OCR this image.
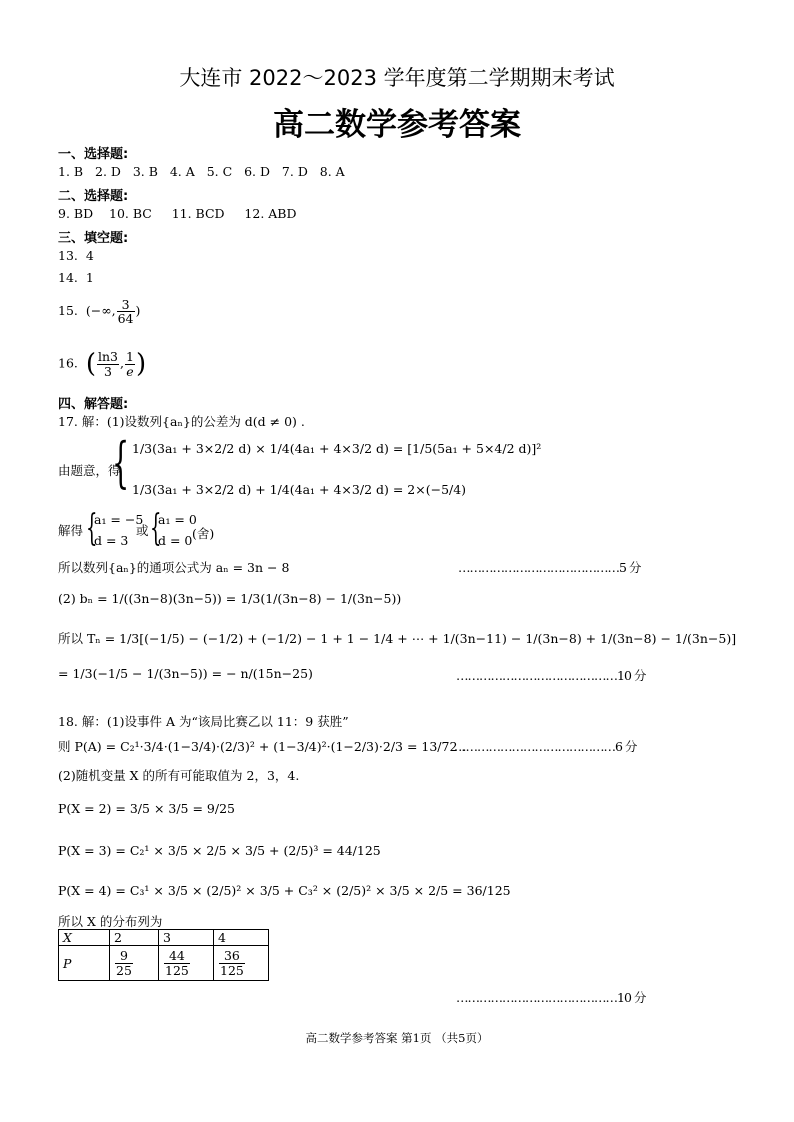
大连市 2022～2023 学年度第二学期期末考试
高二数学参考答案
一、选择题:
1. B   2. D   3. B   4. A   5. C   6. D   7. D   8. A
二、选择题:
9. BD    10. BC     11. BCD     12. ABD
三、填空题:
13.  4
14.  1
15. (−∞, $\frac{3}{64}$ )
16. ( $\frac{\ln 3}{3}$ , $\frac{1}{e}$ )
四、解答题:
17. 解：(1)设数列{aₙ}的公差为 d(d ≠ 0) .
由题意，得
{ 1/3(3a₁ + 3×2/2 d) × 1/4(4a₁ + 4×3/2 d) = [1/5(5a₁ + 5×4/2 d)]²
1/3(3a₁ + 3×2/2 d) + 1/4(4a₁ + 4×3/2 d) = 2×(−5/4)
解得 {
a₁ = −5
d = 3
或 {
a₁ = 0
d = 0 (舍)
所以数列{aₙ}的通项公式为 aₙ = 3n − 8	……………………………………5 分
(2) bₙ = 1/((3n−8)(3n−5)) = 1/3(1/(3n−8) − 1/(3n−5))
所以 Tₙ = 1/3[(−1/5) − (−1/2) + (−1/2) − 1 + 1 − 1/4 + ⋯ + 1/(3n−11) − 1/(3n−8) + 1/(3n−8) − 1/(3n−5)]
= 1/3(−1/5 − 1/(3n−5)) = − n/(15n−25)	……………………………………10 分
18. 解：(1)设事件 A 为“该局比赛乙以 11：9 获胜”
则 P(A) = C₂¹·3/4·(1−3/4)·(2/3)² + (1−3/4)²·(1−2/3)·2/3 = 13/72 .
……………………………………6 分
(2)随机变量 X 的所有可能取值为 2，3，4.
P(X = 2) = 3/5 × 3/5 = 9/25
P(X = 3) = C₂¹ × 3/5 × 2/5 × 3/5 + (2/5)³ = 44/125
P(X = 4) = C₃¹ × 3/5 × (2/5)² × 3/5 + C₃² × (2/5)² × 3/5 × 2/5 = 36/125
所以 X 的分布列为
X	2	3	4
P	$\frac{9}{25}$	$\frac{44}{125}$	$\frac{36}{125}$
……………………………………10 分
高二数学参考答案 第1页 （共5页）
